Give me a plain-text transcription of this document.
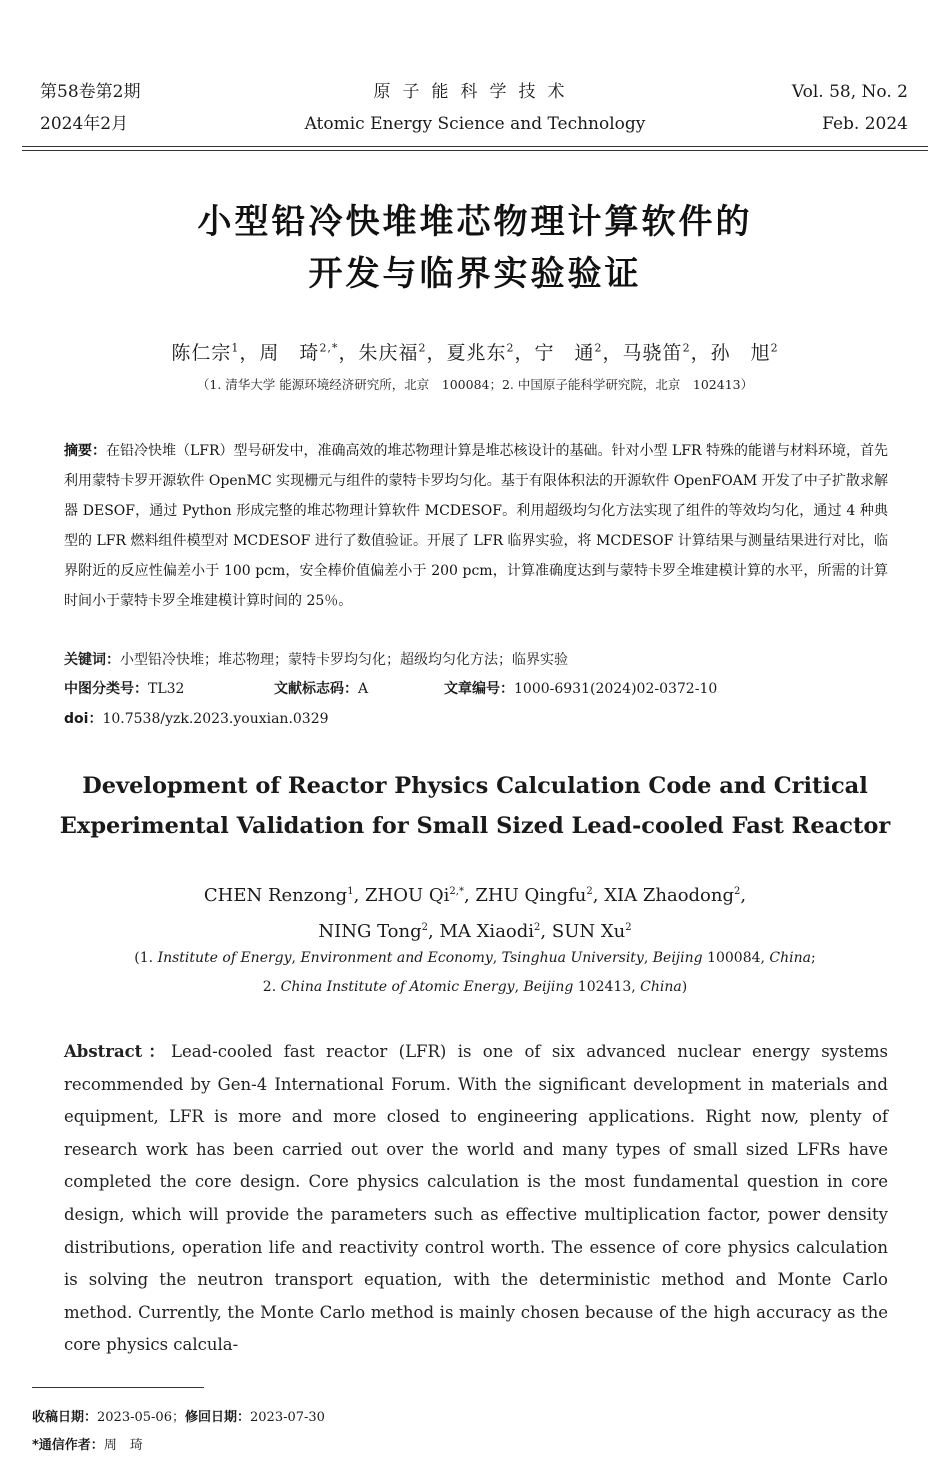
第58卷第2期
2024年2月
原子能科学技术
Atomic Energy Science and Technology
Vol. 58, No. 2
Feb. 2024
小型铅冷快堆堆芯物理计算软件的
开发与临界实验验证
陈仁宗$^1$，周　琦$^{2,*}$，朱庆福$^2$，夏兆东$^2$，宁　通$^2$，马骁笛$^2$，孙　旭$^2$
（1. 清华大学 能源环境经济研究所，北京　100084；2. 中国原子能科学研究院，北京　102413）
摘要：在铅冷快堆（LFR）型号研发中，准确高效的堆芯物理计算是堆芯核设计的基础。针对小型 LFR 特殊的能谱与材料环境，首先利用蒙特卡罗开源软件 OpenMC 实现栅元与组件的蒙特卡罗均匀化。基于有限体积法的开源软件 OpenFOAM 开发了中子扩散求解器 DESOF，通过 Python 形成完整的堆芯物理计算软件 MCDESOF。利用超级均匀化方法实现了组件的等效均匀化，通过 4 种典型的 LFR 燃料组件模型对 MCDESOF 进行了数值验证。开展了 LFR 临界实验，将 MCDESOF 计算结果与测量结果进行对比，临界附近的反应性偏差小于 100 pcm，安全棒价值偏差小于 200 pcm，计算准确度达到与蒙特卡罗全堆建模计算的水平，所需的计算时间小于蒙特卡罗全堆建模计算时间的 25％。
关键词：小型铅冷快堆；堆芯物理；蒙特卡罗均匀化；超级均匀化方法；临界实验
中图分类号：TL32	文献标志码：A	文章编号：1000-6931(2024)02-0372-10
doi：10.7538/yzk.2023.youxian.0329
Development of Reactor Physics Calculation Code and Critical
Experimental Validation for Small Sized Lead-cooled Fast Reactor
CHEN Renzong$^1$, ZHOU $Qi^{2,*}$, ZHU Qingfu$^2$, XIA Zhaodong$^2$,
NING Tong$^2$, MA Xiaodi$^2$, SUN Xu$^2$
(1. Institute of Energy, Environment and Economy, Tsinghua University, Beijing 100084, China;
2. China Institute of Atomic Energy, Beijing 102413, China)
Abstract：Lead-cooled fast reactor (LFR) is one of six advanced nuclear energy systems recommended by Gen-4 International Forum. With the significant development in materials and equipment, LFR is more and more closed to engineering applications. Right now, plenty of research work has been carried out over the world and many types of small sized LFRs have completed the core design. Core physics calculation is the most fundamental question in core design, which will provide the parameters such as effective multiplication factor, power density distributions, operation life and reactivity control worth. The essence of core physics calculation is solving the neutron transport equation, with the deterministic method and Monte Carlo method. Currently, the Monte Carlo method is mainly chosen because of the high accuracy as the core physics calcula-
收稿日期：2023-05-06；修回日期：2023-07-30
*通信作者：周　琦
